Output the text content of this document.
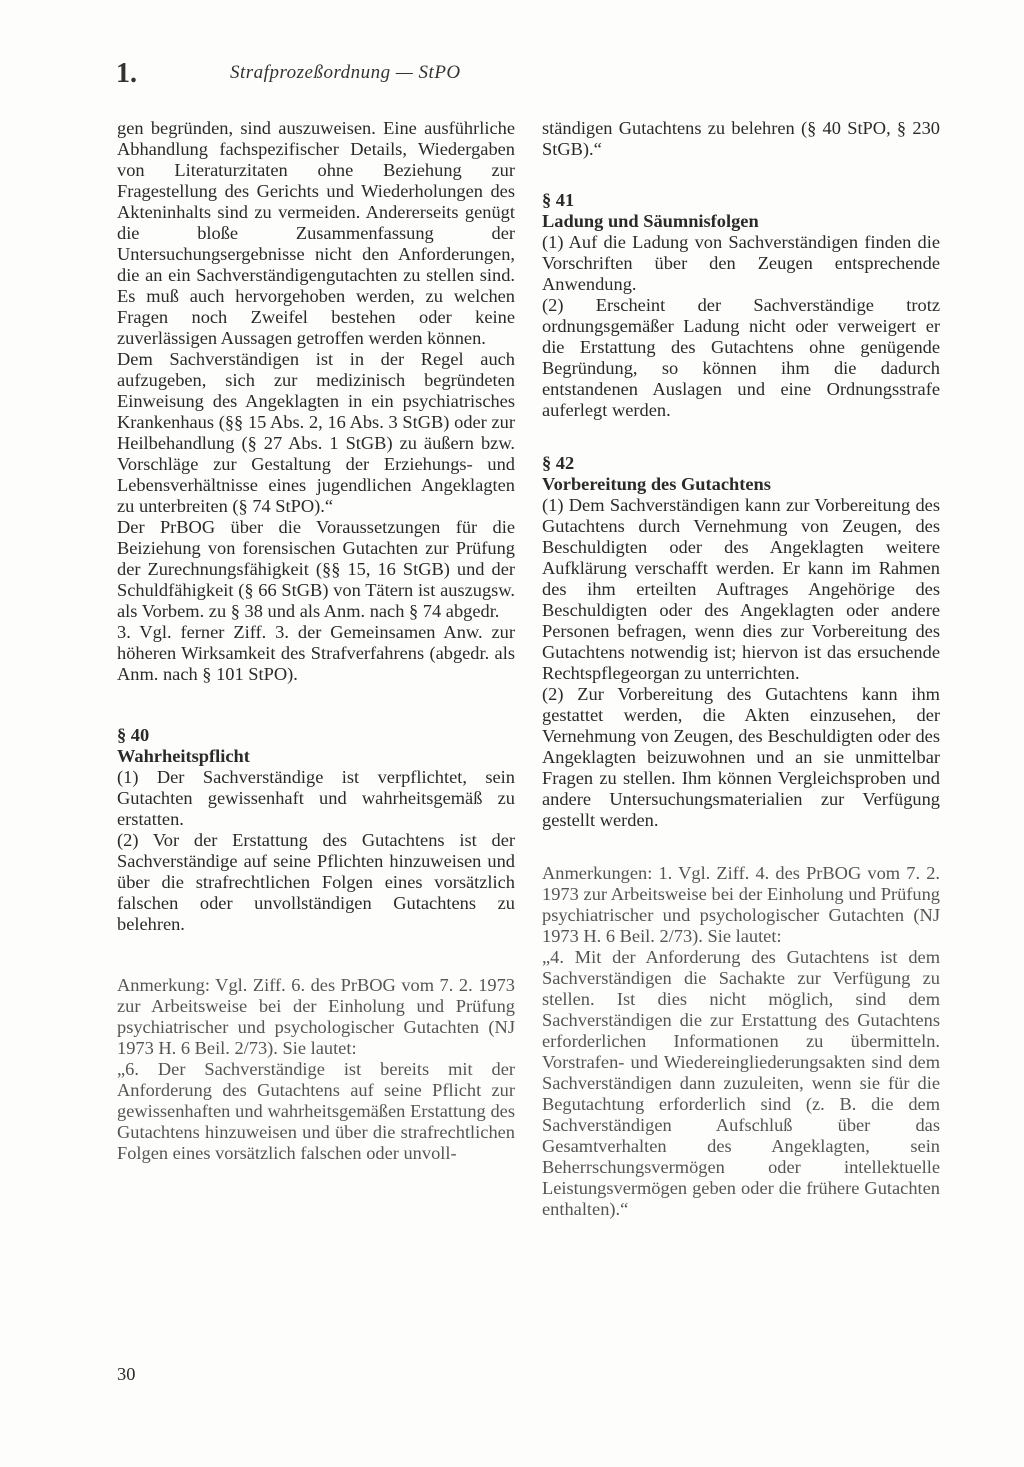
1.	Strafprozeßordnung — StPO

gen begründen, sind auszuweisen. Eine ausführliche Abhandlung fachspezifischer Details, Wiedergaben von Literaturzitaten ohne Beziehung zur Fragestellung des Gerichts und Wiederholungen des Akteninhalts sind zu vermeiden. Andererseits genügt die bloße Zusammenfassung der Untersuchungsergebnisse nicht den Anforderungen, die an ein Sachverständigengutachten zu stellen sind. Es muß auch hervorgehoben werden, zu welchen Fragen noch Zweifel bestehen oder keine zuverlässigen Aussagen getroffen werden können.

Dem Sachverständigen ist in der Regel auch aufzugeben, sich zur medizinisch begründeten Einweisung des Angeklagten in ein psychiatrisches Krankenhaus (§§ 15 Abs. 2, 16 Abs. 3 StGB) oder zur Heilbehandlung (§ 27 Abs. 1 StGB) zu äußern bzw. Vorschläge zur Gestaltung der Erziehungs- und Lebensverhältnisse eines jugendlichen Angeklagten zu unterbreiten (§ 74 StPO).“

Der PrBOG über die Voraussetzungen für die Beiziehung von forensischen Gutachten zur Prüfung der Zurechnungsfähigkeit (§§ 15, 16 StGB) und der Schuldfähigkeit (§ 66 StGB) von Tätern ist auszugsw. als Vorbem. zu § 38 und als Anm. nach § 74 abgedr.

3. Vgl. ferner Ziff. 3. der Gemeinsamen Anw. zur höheren Wirksamkeit des Strafverfahrens (abgedr. als Anm. nach § 101 StPO).

§ 40

Wahrheitspflicht

(1) Der Sachverständige ist verpflichtet, sein Gutachten gewissenhaft und wahrheitsgemäß zu erstatten.

(2) Vor der Erstattung des Gutachtens ist der Sachverständige auf seine Pflichten hinzuweisen und über die strafrechtlichen Folgen eines vorsätzlich falschen oder unvollständigen Gutachtens zu belehren.

Anmerkung: Vgl. Ziff. 6. des PrBOG vom 7. 2. 1973 zur Arbeitsweise bei der Einholung und Prüfung psychiatrischer und psychologischer Gutachten (NJ 1973 H. 6 Beil. 2/73). Sie lautet:

„6. Der Sachverständige ist bereits mit der Anforderung des Gutachtens auf seine Pflicht zur gewissenhaften und wahrheitsgemäßen Erstattung des Gutachtens hinzuweisen und über die strafrechtlichen Folgen eines vorsätzlich falschen oder unvoll-

ständigen Gutachtens zu belehren (§ 40 StPO, § 230 StGB).“

§ 41

Ladung und Säumnisfolgen

(1) Auf die Ladung von Sachverständigen finden die Vorschriften über den Zeugen entsprechende Anwendung.

(2) Erscheint der Sachverständige trotz ordnungsgemäßer Ladung nicht oder verweigert er die Erstattung des Gutachtens ohne genügende Begründung, so können ihm die dadurch entstandenen Auslagen und eine Ordnungsstrafe auferlegt werden.

§ 42

Vorbereitung des Gutachtens

(1) Dem Sachverständigen kann zur Vorbereitung des Gutachtens durch Vernehmung von Zeugen, des Beschuldigten oder des Angeklagten weitere Aufklärung verschafft werden. Er kann im Rahmen des ihm erteilten Auftrages Angehörige des Beschuldigten oder des Angeklagten oder andere Personen befragen, wenn dies zur Vorbereitung des Gutachtens notwendig ist; hiervon ist das ersuchende Rechtspflegeorgan zu unterrichten.

(2) Zur Vorbereitung des Gutachtens kann ihm gestattet werden, die Akten einzusehen, der Vernehmung von Zeugen, des Beschuldigten oder des Angeklagten beizuwohnen und an sie unmittelbar Fragen zu stellen. Ihm können Vergleichsproben und andere Untersuchungsmaterialien zur Verfügung gestellt werden.

Anmerkungen: 1. Vgl. Ziff. 4. des PrBOG vom 7. 2. 1973 zur Arbeitsweise bei der Einholung und Prüfung psychiatrischer und psychologischer Gutachten (NJ 1973 H. 6 Beil. 2/73). Sie lautet:

„4. Mit der Anforderung des Gutachtens ist dem Sachverständigen die Sachakte zur Verfügung zu stellen. Ist dies nicht möglich, sind dem Sachverständigen die zur Erstattung des Gutachtens erforderlichen Informationen zu übermitteln. Vorstrafen- und Wiedereingliederungsakten sind dem Sachverständigen dann zuzuleiten, wenn sie für die Begutachtung erforderlich sind (z. B. die dem Sachverständigen Aufschluß über das Gesamtverhalten des Angeklagten, sein Beherrschungsvermögen oder intellektuelle Leistungsvermögen geben oder die frühere Gutachten enthalten).“

30
